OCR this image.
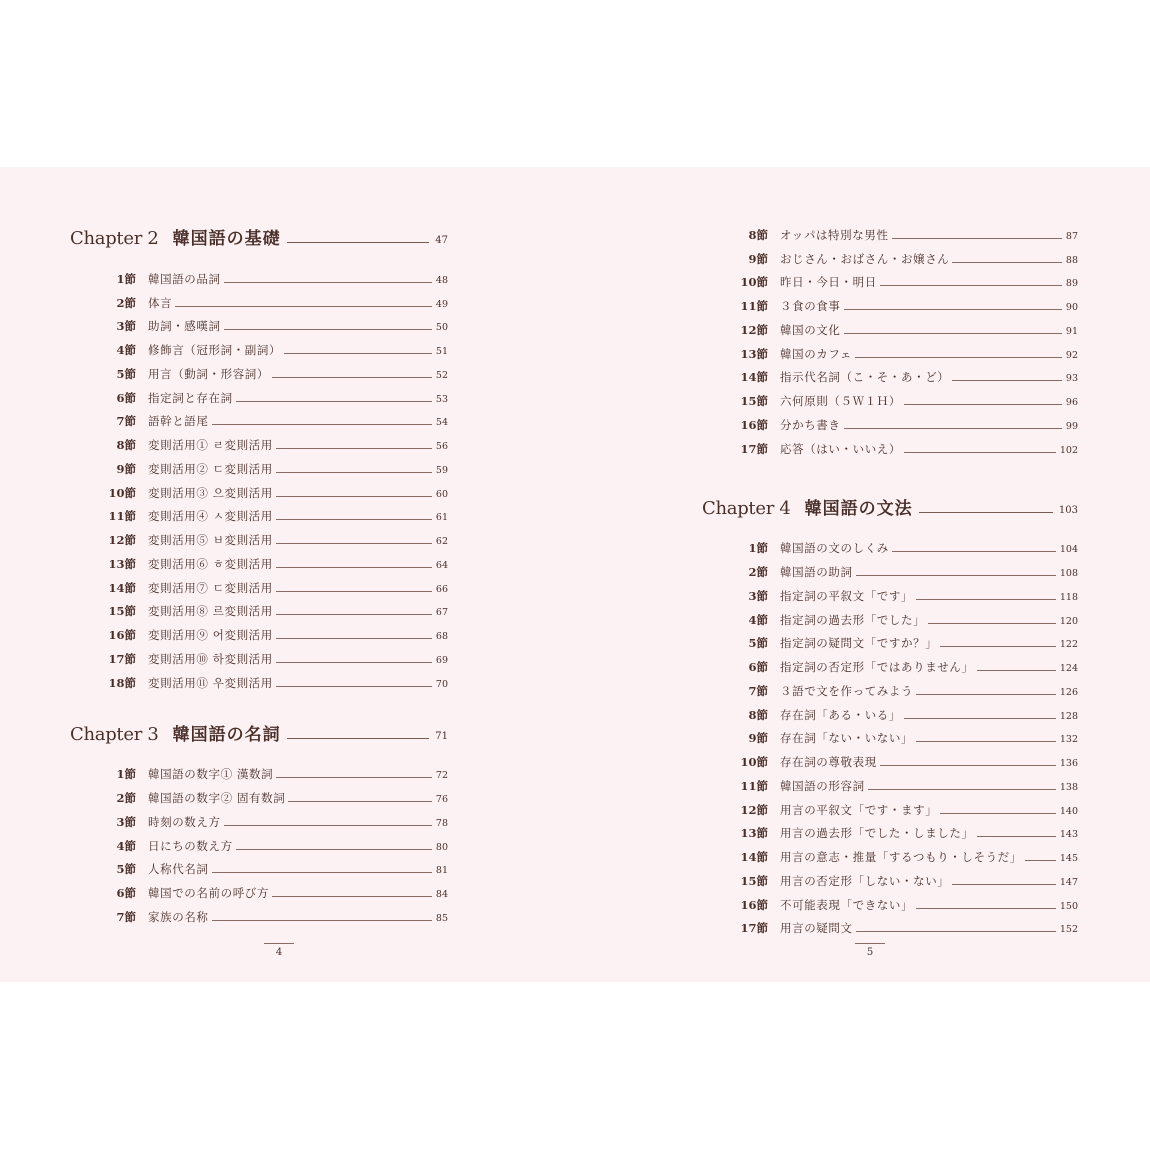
Chapter 2 韓国語の基礎	47
1節	韓国語の品詞	48
2節	体言	49
3節	助詞・感嘆詞	50
4節	修飾言（冠形詞・副詞）	51
5節	用言（動詞・形容詞）	52
6節	指定詞と存在詞	53
7節	語幹と語尾	54
8節	変則活用① ㄹ変則活用	56
9節	変則活用② ㄷ変則活用	59
10節	変則活用③ 으変則活用	60
11節	変則活用④ ㅅ変則活用	61
12節	変則活用⑤ ㅂ変則活用	62
13節	変則活用⑥ ㅎ変則活用	64
14節	変則活用⑦ ㄷ変則活用	66
15節	変則活用⑧ 르変則活用	67
16節	変則活用⑨ 어変則活用	68
17節	変則活用⑩ 하変則活用	69
18節	変則活用⑪ 우変則活用	70
Chapter 3 韓国語の名詞	71
1節	韓国語の数字① 漢数詞	72
2節	韓国語の数字② 固有数詞	76
3節	時刻の数え方	78
4節	日にちの数え方	80
5節	人称代名詞	81
6節	韓国での名前の呼び方	84
7節	家族の名称	85
8節	オッパは特別な男性	87
9節	おじさん・おばさん・お嬢さん	88
10節	昨日・今日・明日	89
11節	３食の食事	90
12節	韓国の文化	91
13節	韓国のカフェ	92
14節	指示代名詞（こ・そ・あ・ど）	93
15節	六何原則（５Ｗ１Ｈ）	96
16節	分かち書き	99
17節	応答（はい・いいえ）	102
Chapter 4 韓国語の文法	103
1節	韓国語の文のしくみ	104
2節	韓国語の助詞	108
3節	指定詞の平叙文「です」	118
4節	指定詞の過去形「でした」	120
5節	指定詞の疑問文「ですか？」	122
6節	指定詞の否定形「ではありません」	124
7節	３語で文を作ってみよう	126
8節	存在詞「ある・いる」	128
9節	存在詞「ない・いない」	132
10節	存在詞の尊敬表現	136
11節	韓国語の形容詞	138
12節	用言の平叙文「です・ます」	140
13節	用言の過去形「でした・しました」	143
14節	用言の意志・推量「するつもり・しそうだ」	145
15節	用言の否定形「しない・ない」	147
16節	不可能表現「できない」	150
17節	用言の疑問文	152
4	5
